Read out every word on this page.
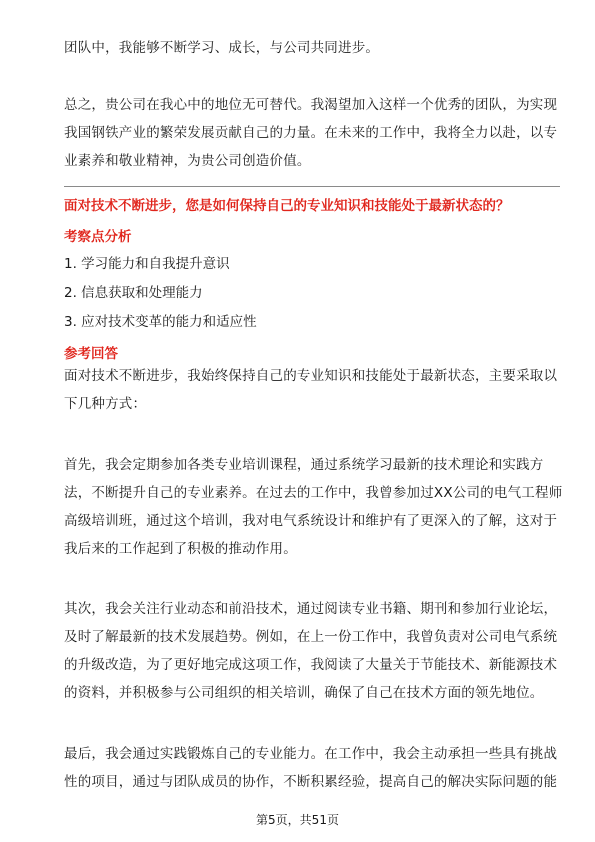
团队中，我能够不断学习、成长，与公司共同进步。

总之，贵公司在我心中的地位无可替代。我渴望加入这样一个优秀的团队，为实现
我国钢铁产业的繁荣发展贡献自己的力量。在未来的工作中，我将全力以赴，以专
业素养和敬业精神，为贵公司创造价值。

面对技术不断进步，您是如何保持自己的专业知识和技能处于最新状态的？
考察点分析
1. 学习能力和自我提升意识
2. 信息获取和处理能力
3. 应对技术变革的能力和适应性
参考回答

面对技术不断进步，我始终保持自己的专业知识和技能处于最新状态，主要采取以
下几种方式：

首先，我会定期参加各类专业培训课程，通过系统学习最新的技术理论和实践方
法，不断提升自己的专业素养。在过去的工作中，我曾参加过XX公司的电气工程师
高级培训班，通过这个培训，我对电气系统设计和维护有了更深入的了解，这对于
我后来的工作起到了积极的推动作用。

其次，我会关注行业动态和前沿技术，通过阅读专业书籍、期刊和参加行业论坛，
及时了解最新的技术发展趋势。例如，在上一份工作中，我曾负责对公司电气系统
的升级改造，为了更好地完成这项工作，我阅读了大量关于节能技术、新能源技术
的资料，并积极参与公司组织的相关培训，确保了自己在技术方面的领先地位。

最后，我会通过实践锻炼自己的专业能力。在工作中，我会主动承担一些具有挑战
性的项目，通过与团队成员的协作，不断积累经验，提高自己的解决实际问题的能

第5页，共51页
